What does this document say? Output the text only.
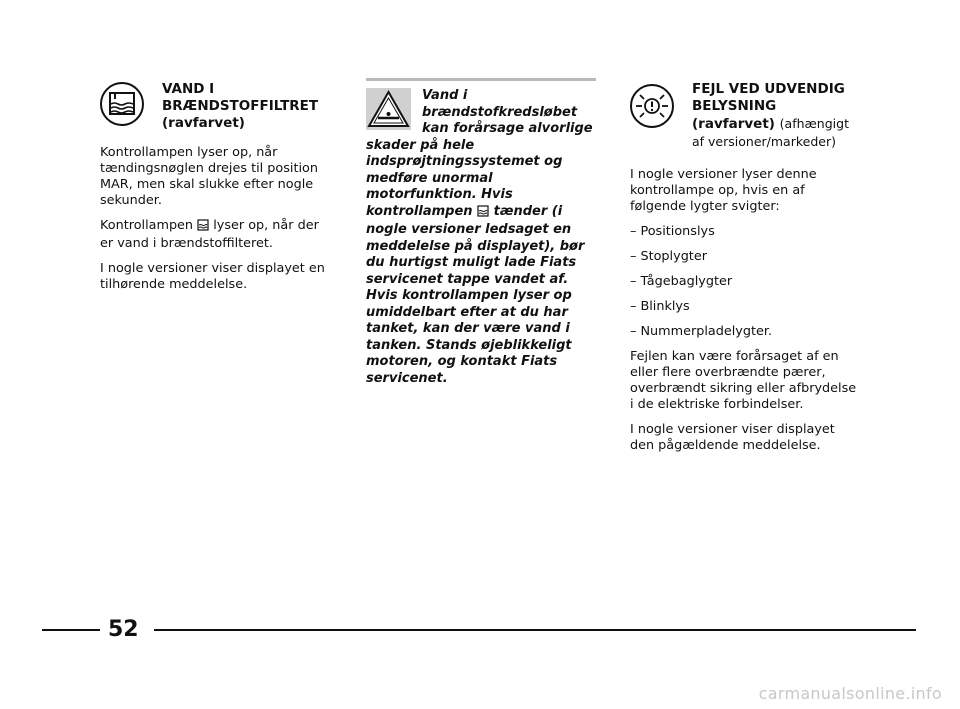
VAND I
BRÆNDSTOFFILTRET
(ravfarvet)

Kontrollampen lyser op, når tændingsnøglen drejes til position MAR, men skal slukke efter nogle sekunder.

Kontrollampen lyser op, når der er vand i brændstoffilteret.

I nogle versioner viser displayet en tilhørende meddelelse.

Vand i brændstofkredsløbet kan forårsage alvorlige
skader på hele indsprøjtningssystemet og medføre unormal motorfunktion. Hvis kontrollampen tænder (i nogle versioner ledsaget en meddelelse på displayet), bør du hurtigst muligt lade Fiats servicenet tappe vandet af. Hvis kontrollampen lyser op umiddelbart efter at du har tanket, kan der være vand i tanken. Stands øjeblikkeligt motoren, og kontakt Fiats servicenet.
FEJL VED UDVENDIG
BELYSNING
(ravfarvet) (afhængigt af versioner/markeder)

I nogle versioner lyser denne kontrollampe op, hvis en af følgende lygter svigter:

– Positionslys

– Stoplygter

– Tågebaglygter

– Blinklys

– Nummerpladelygter.

Fejlen kan være forårsaget af en eller flere overbrændte pærer, overbrændt sikring eller afbrydelse i de elektriske forbindelser.

I nogle versioner viser displayet den pågældende meddelelse.

52
carmanualsonline.info
